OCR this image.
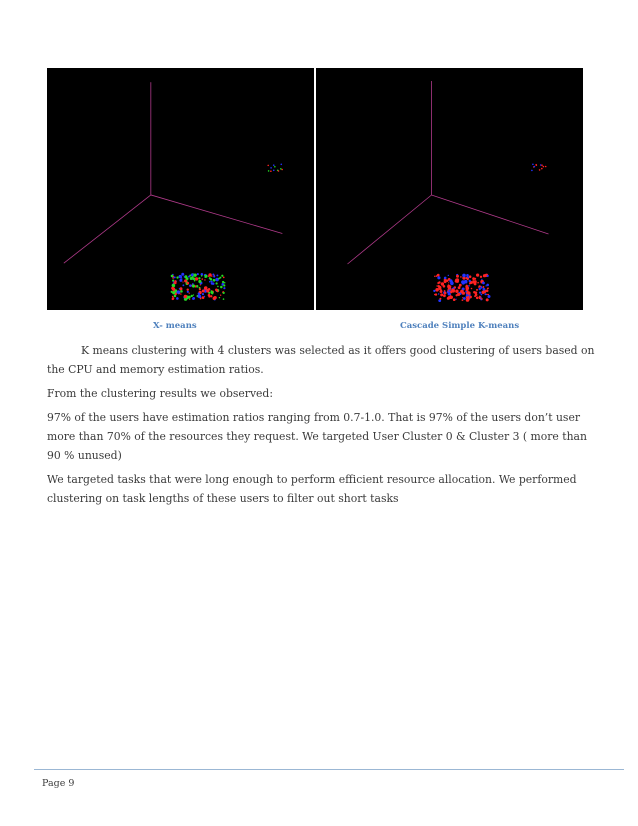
X- means	Cascade Simple K-means

K means clustering with 4 clusters was selected as it offers good clustering of users based on the CPU and memory estimation ratios.

From the clustering results we observed:

97% of the users have estimation ratios ranging from 0.7-1.0. That is 97% of the users don’t user more than 70% of the resources they request. We targeted User Cluster 0 & Cluster 3 ( more than 90 % unused)

We targeted tasks that were long enough to perform efficient resource allocation. We performed clustering on task lengths of these users to filter out short tasks

Page 9
